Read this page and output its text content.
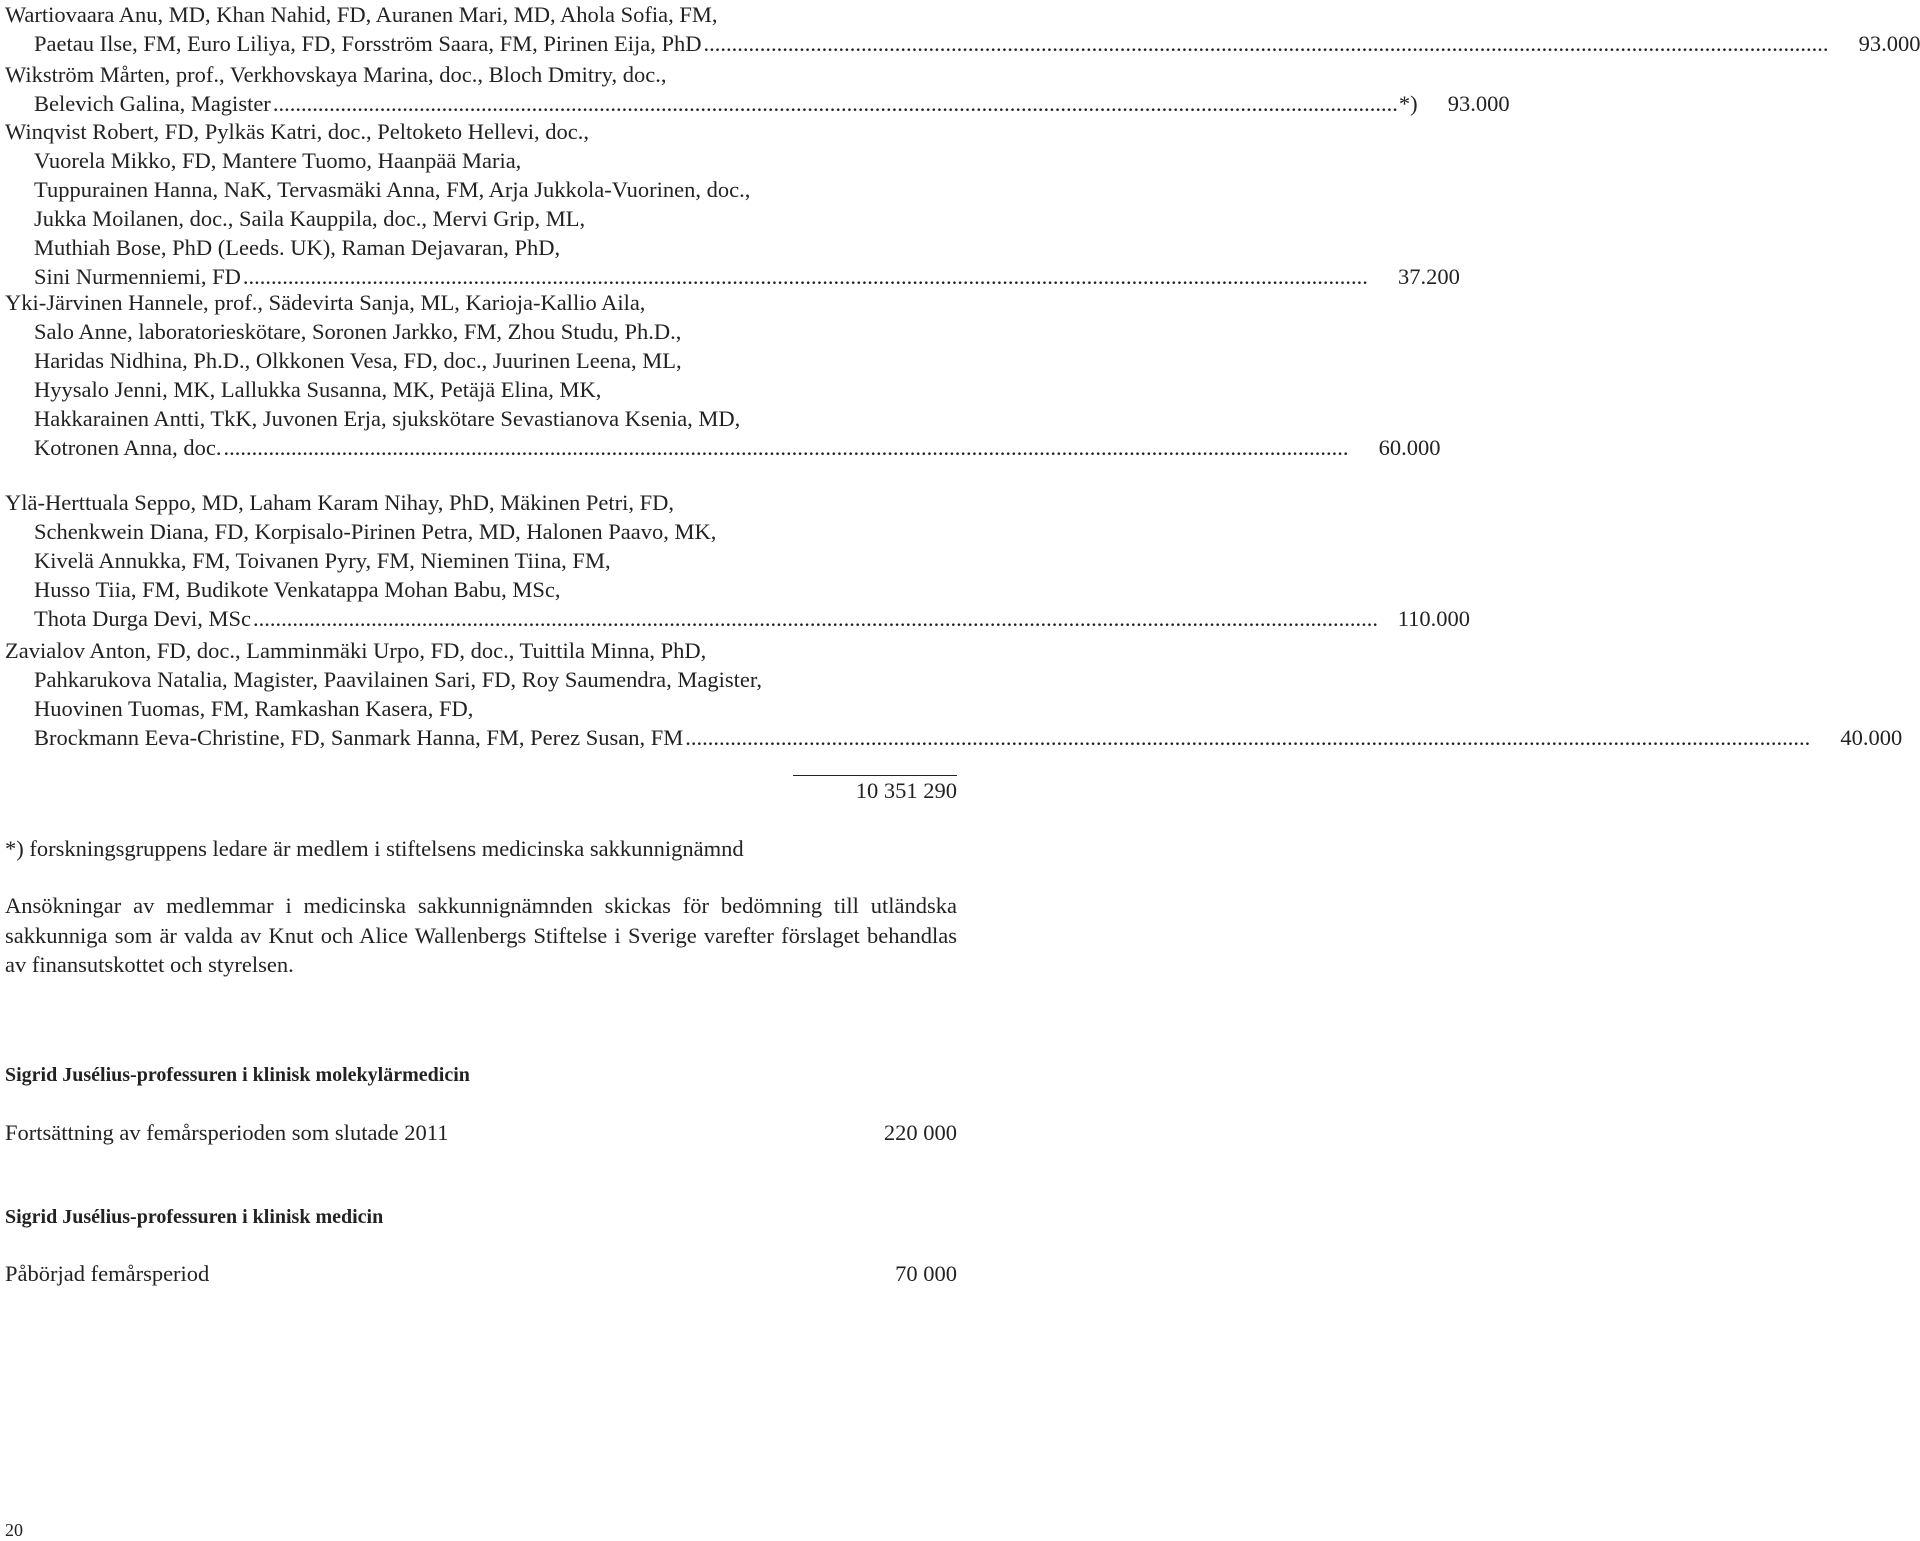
Wartiovaara Anu, MD, Khan Nahid, FD, Auranen Mari, MD, Ahola Sofia, FM,
Paetau Ilse, FM, Euro Liliya, FD, Forsström Saara, FM, Pirinen Eija, PhD ........................................................................................................................................................................................................	93.000
Wikström Mårten, prof., Verkhovskaya Marina, doc., Bloch Dmitry, doc.,
Belevich Galina, Magister ........................................................................................................................................................................................................ *)	93.000
Winqvist Robert, FD, Pylkäs Katri, doc., Peltoketo Hellevi, doc.,
Vuorela Mikko, FD, Mantere Tuomo, Haanpää Maria,
Tuppurainen Hanna, NaK, Tervasmäki Anna, FM, Arja Jukkola-Vuorinen, doc.,
Jukka Moilanen, doc., Saila Kauppila, doc., Mervi Grip, ML,
Muthiah Bose, PhD (Leeds. UK), Raman Dejavaran, PhD,
Sini Nurmenniemi, FD ........................................................................................................................................................................................................	37.200
Yki-Järvinen Hannele, prof., Sädevirta Sanja, ML, Karioja-Kallio Aila,
Salo Anne, laboratorieskötare, Soronen Jarkko, FM, Zhou Studu, Ph.D.,
Haridas Nidhina, Ph.D., Olkkonen Vesa, FD, doc., Juurinen Leena, ML,
Hyysalo Jenni, MK, Lallukka Susanna, MK, Petäjä Elina, MK,
Hakkarainen Antti, TkK, Juvonen Erja, sjukskötare Sevastianova Ksenia, MD,
Kotronen Anna, doc. ........................................................................................................................................................................................................	60.000
Ylä-Herttuala Seppo, MD, Laham Karam Nihay, PhD, Mäkinen Petri, FD,
Schenkwein Diana, FD, Korpisalo-Pirinen Petra, MD, Halonen Paavo, MK,
Kivelä Annukka, FM, Toivanen Pyry, FM, Nieminen Tiina, FM,
Husso Tiia, FM, Budikote Venkatappa Mohan Babu, MSc,
Thota Durga Devi, MSc ........................................................................................................................................................................................................ 110.000
Zavialov Anton, FD, doc., Lamminmäki Urpo, FD, doc., Tuittila Minna, PhD,
Pahkarukova Natalia, Magister, Paavilainen Sari, FD, Roy Saumendra, Magister,
Huovinen Tuomas, FM, Ramkashan Kasera, FD,
Brockmann Eeva-Christine, FD, Sanmark Hanna, FM, Perez Susan, FM ........................................................................................................................................................................................................	40.000
10 351 290
*) forskningsgruppens ledare är medlem i stiftelsens medicinska sakkunnignämnd
Ansökningar av medlemmar i medicinska sakkunnignämnden skickas för bedömning till utländska sakkunniga som är valda av Knut och Alice Wallenbergs Stiftelse i Sverige varefter förslaget behandlas av finansutskottet och styrelsen.
Sigrid Jusélius-professuren i klinisk molekylärmedicin
Fortsättning av femårsperioden som slutade 2011	220 000
Sigrid Jusélius-professuren i klinisk medicin
Påbörjad femårsperiod	70 000
20
